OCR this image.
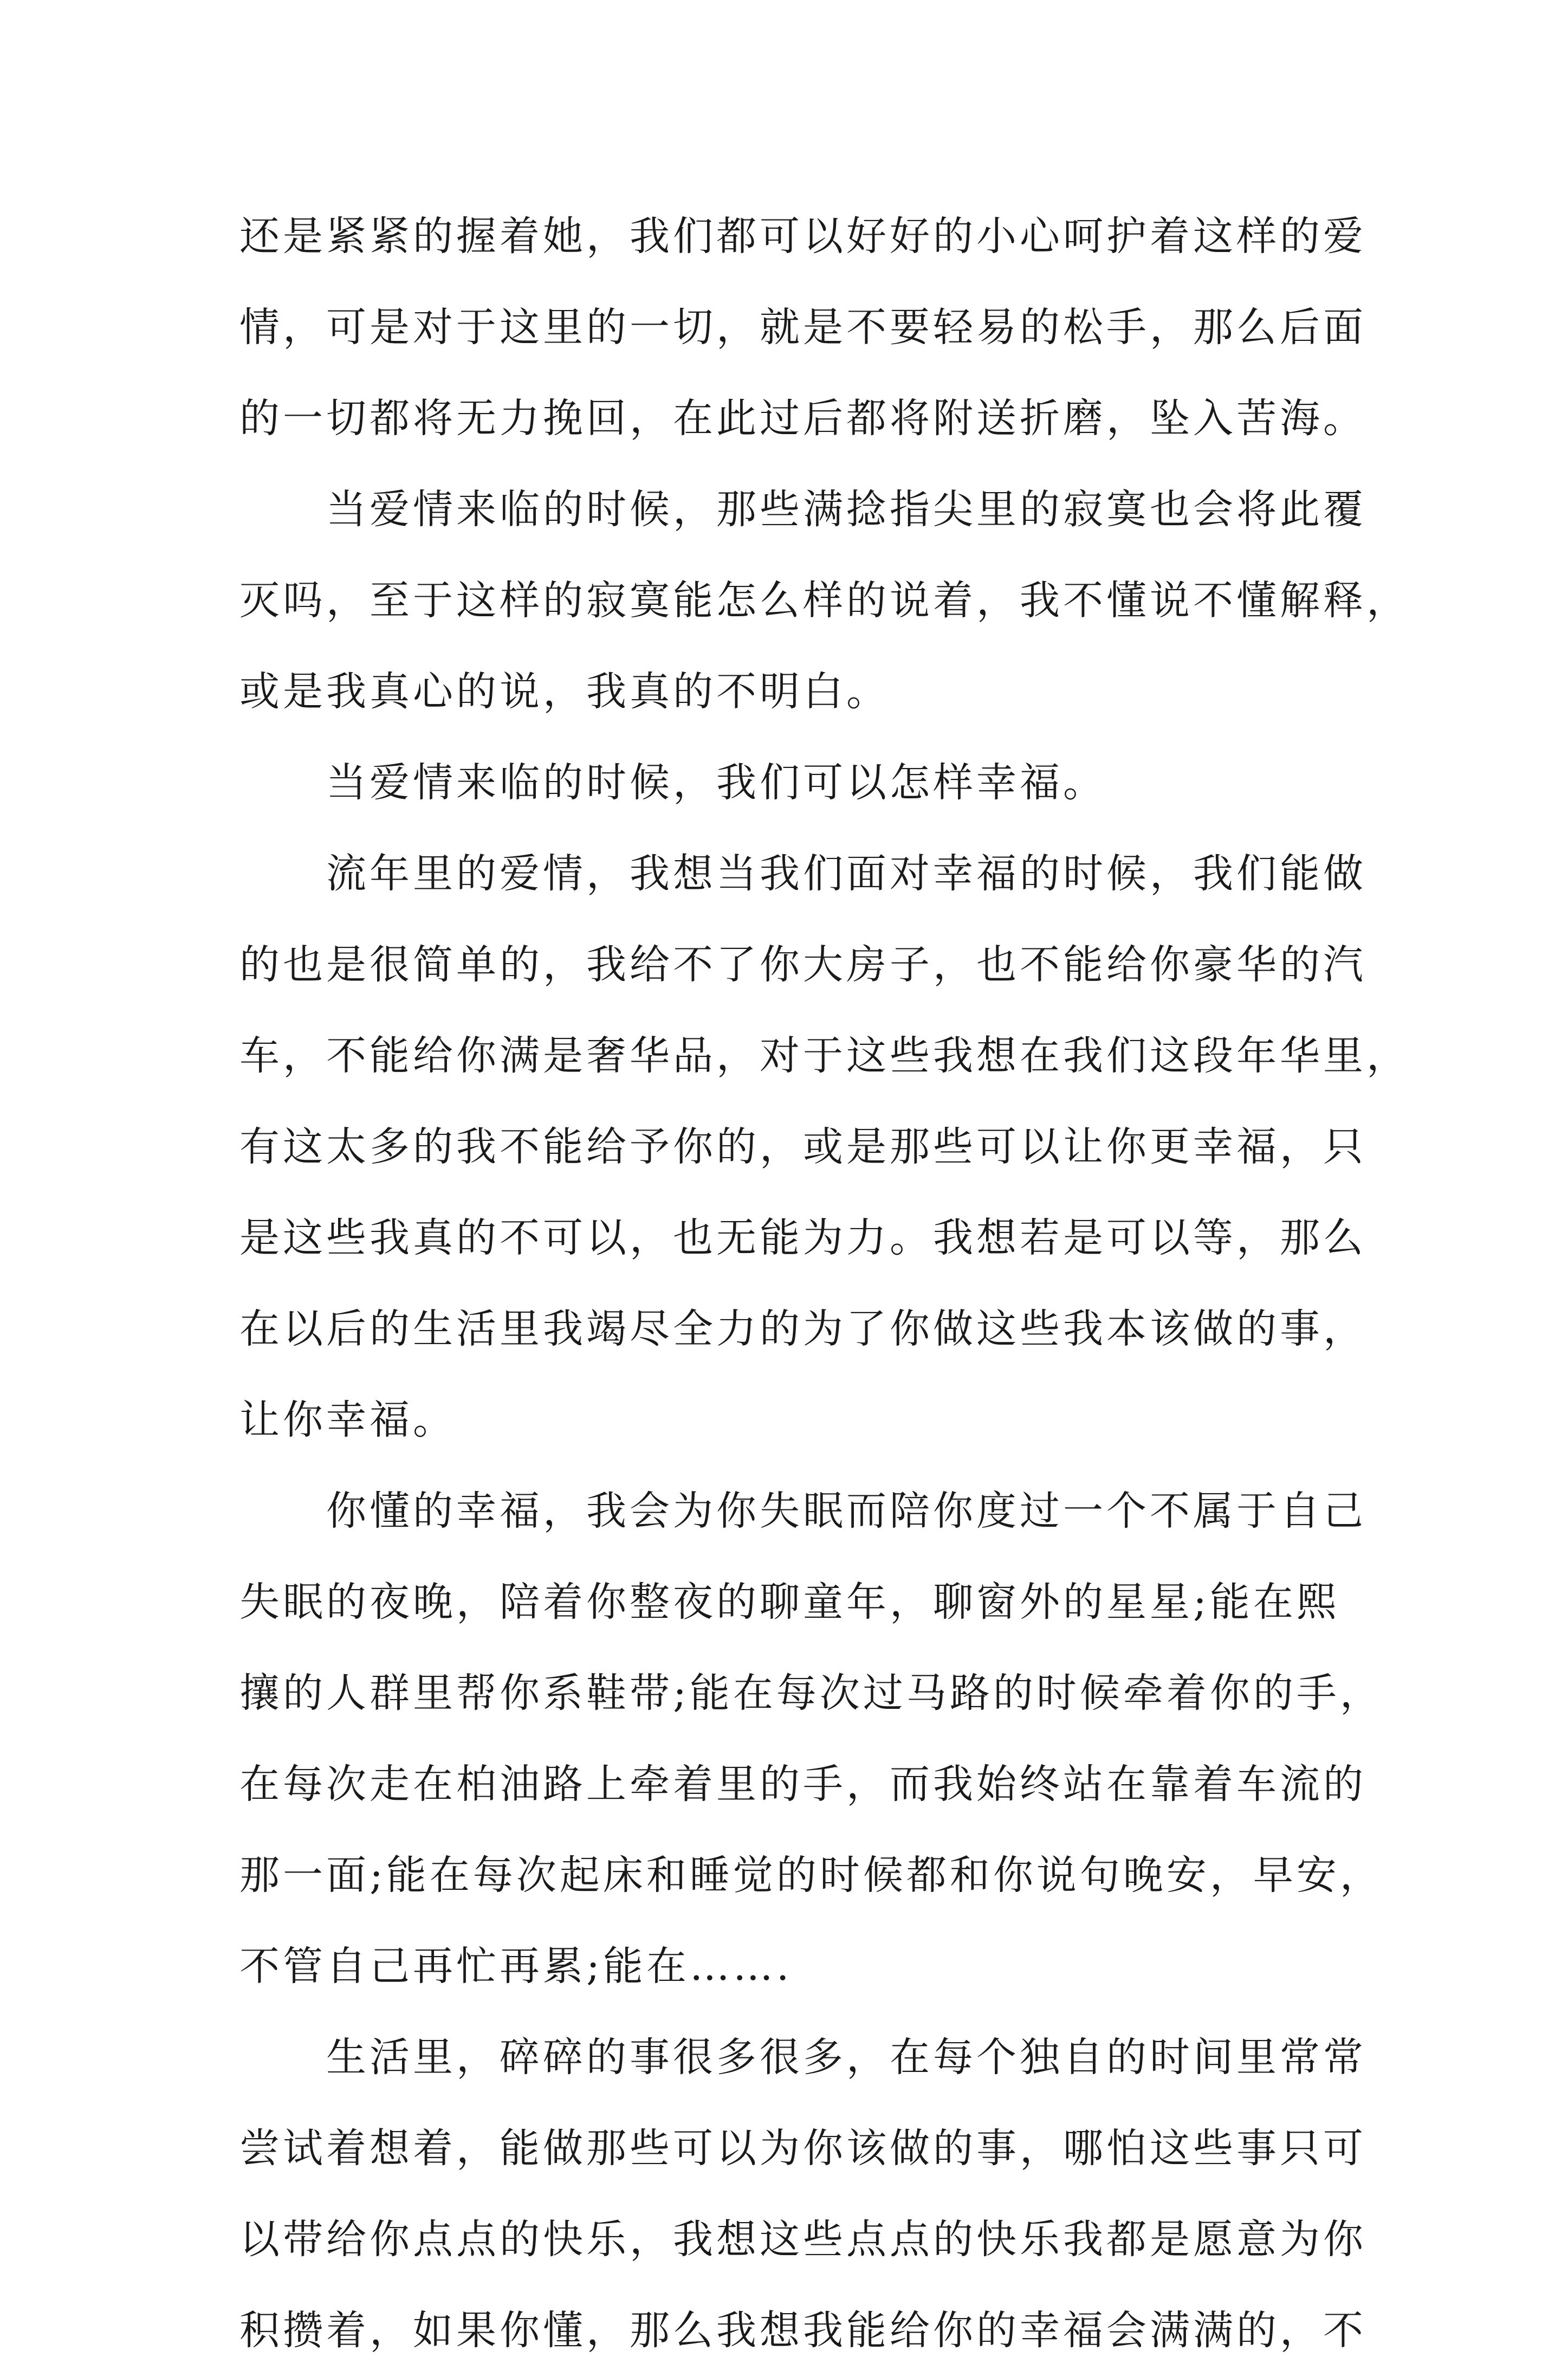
还是紧紧的握着她，我们都可以好好的小心呵护着这样的爱
情，可是对于这里的一切，就是不要轻易的松手，那么后面
的一切都将无力挽回，在此过后都将附送折磨，坠入苦海。
当爱情来临的时候，那些满捻指尖里的寂寞也会将此覆
灭吗，至于这样的寂寞能怎么样的说着，我不懂说不懂解释，
或是我真心的说，我真的不明白。
当爱情来临的时候，我们可以怎样幸福。
流年里的爱情，我想当我们面对幸福的时候，我们能做
的也是很简单的，我给不了你大房子，也不能给你豪华的汽
车，不能给你满是奢华品，对于这些我想在我们这段年华里，
有这太多的我不能给予你的，或是那些可以让你更幸福，只
是这些我真的不可以，也无能为力。我想若是可以等，那么
在以后的生活里我竭尽全力的为了你做这些我本该做的事，
让你幸福。
你懂的幸福，我会为你失眠而陪你度过一个不属于自己
失眠的夜晚，陪着你整夜的聊童年，聊窗外的星星;能在熙
攘的人群里帮你系鞋带;能在每次过马路的时候牵着你的手，
在每次走在柏油路上牵着里的手，而我始终站在靠着车流的
那一面;能在每次起床和睡觉的时候都和你说句晚安，早安，
不管自己再忙再累;能在…….
生活里，碎碎的事很多很多，在每个独自的时间里常常
尝试着想着，能做那些可以为你该做的事，哪怕这些事只可
以带给你点点的快乐，我想这些点点的快乐我都是愿意为你
积攒着，如果你懂，那么我想我能给你的幸福会满满的，不
